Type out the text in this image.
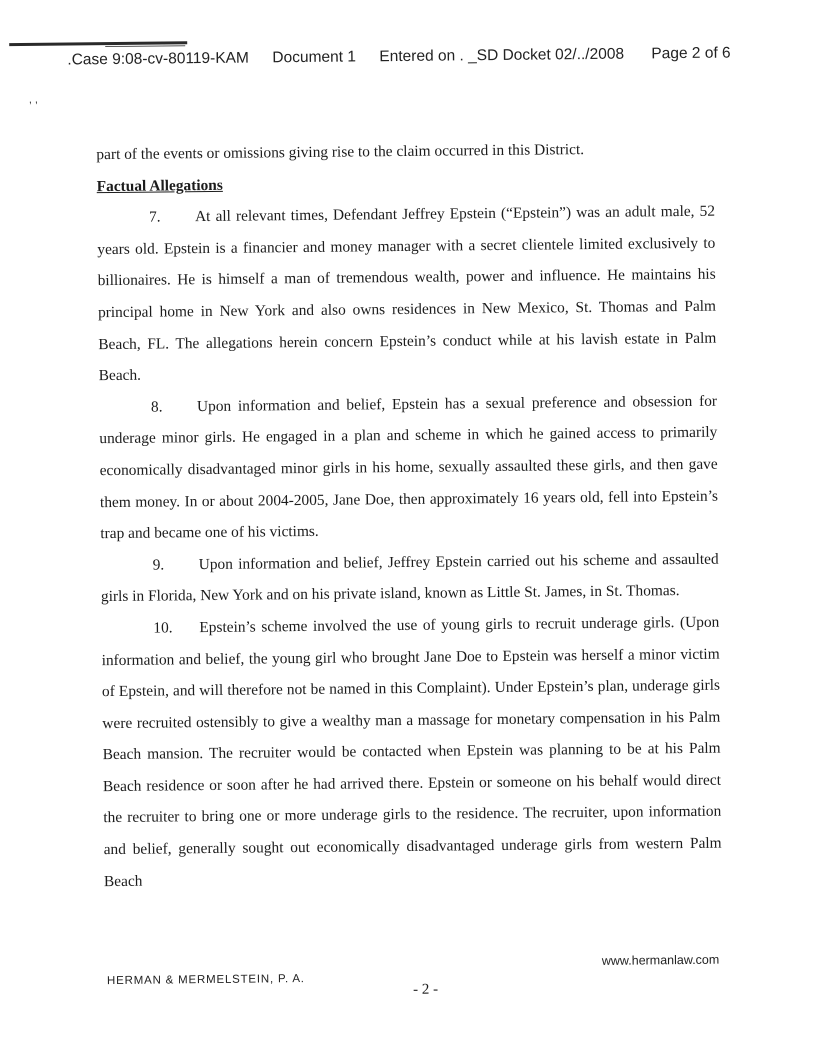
.Case 9:08-cv-80119-KAM Document 1 Entered on . _SD Docket 02/../2008 Page 2 of 6
, ,

part of the events or omissions giving rise to the claim occurred in this District.

Factual Allegations

7. At all relevant times, Defendant Jeffrey Epstein (“Epstein”) was an adult male, 52 years old. Epstein is a financier and money manager with a secret clientele limited exclusively to billionaires. He is himself a man of tremendous wealth, power and influence. He maintains his principal home in New York and also owns residences in New Mexico, St. Thomas and Palm Beach, FL. The allegations herein concern Epstein’s conduct while at his lavish estate in Palm Beach.

8. Upon information and belief, Epstein has a sexual preference and obsession for underage minor girls. He engaged in a plan and scheme in which he gained access to primarily economically disadvantaged minor girls in his home, sexually assaulted these girls, and then gave them money. In or about 2004-2005, Jane Doe, then approximately 16 years old, fell into Epstein’s trap and became one of his victims.

9. Upon information and belief, Jeffrey Epstein carried out his scheme and assaulted girls in Florida, New York and on his private island, known as Little St. James, in St. Thomas.

10. Epstein’s scheme involved the use of young girls to recruit underage girls. (Upon information and belief, the young girl who brought Jane Doe to Epstein was herself a minor victim of Epstein, and will therefore not be named in this Complaint). Under Epstein’s plan, underage girls were recruited ostensibly to give a wealthy man a massage for monetary compensation in his Palm Beach mansion. The recruiter would be contacted when Epstein was planning to be at his Palm Beach residence or soon after he had arrived there. Epstein or someone on his behalf would direct the recruiter to bring one or more underage girls to the residence. The recruiter, upon information and belief, generally sought out economically disadvantaged underage girls from western Palm Beach

www.hermanlaw.com
HERMAN & MERMELSTEIN, P. A.
- 2 -
